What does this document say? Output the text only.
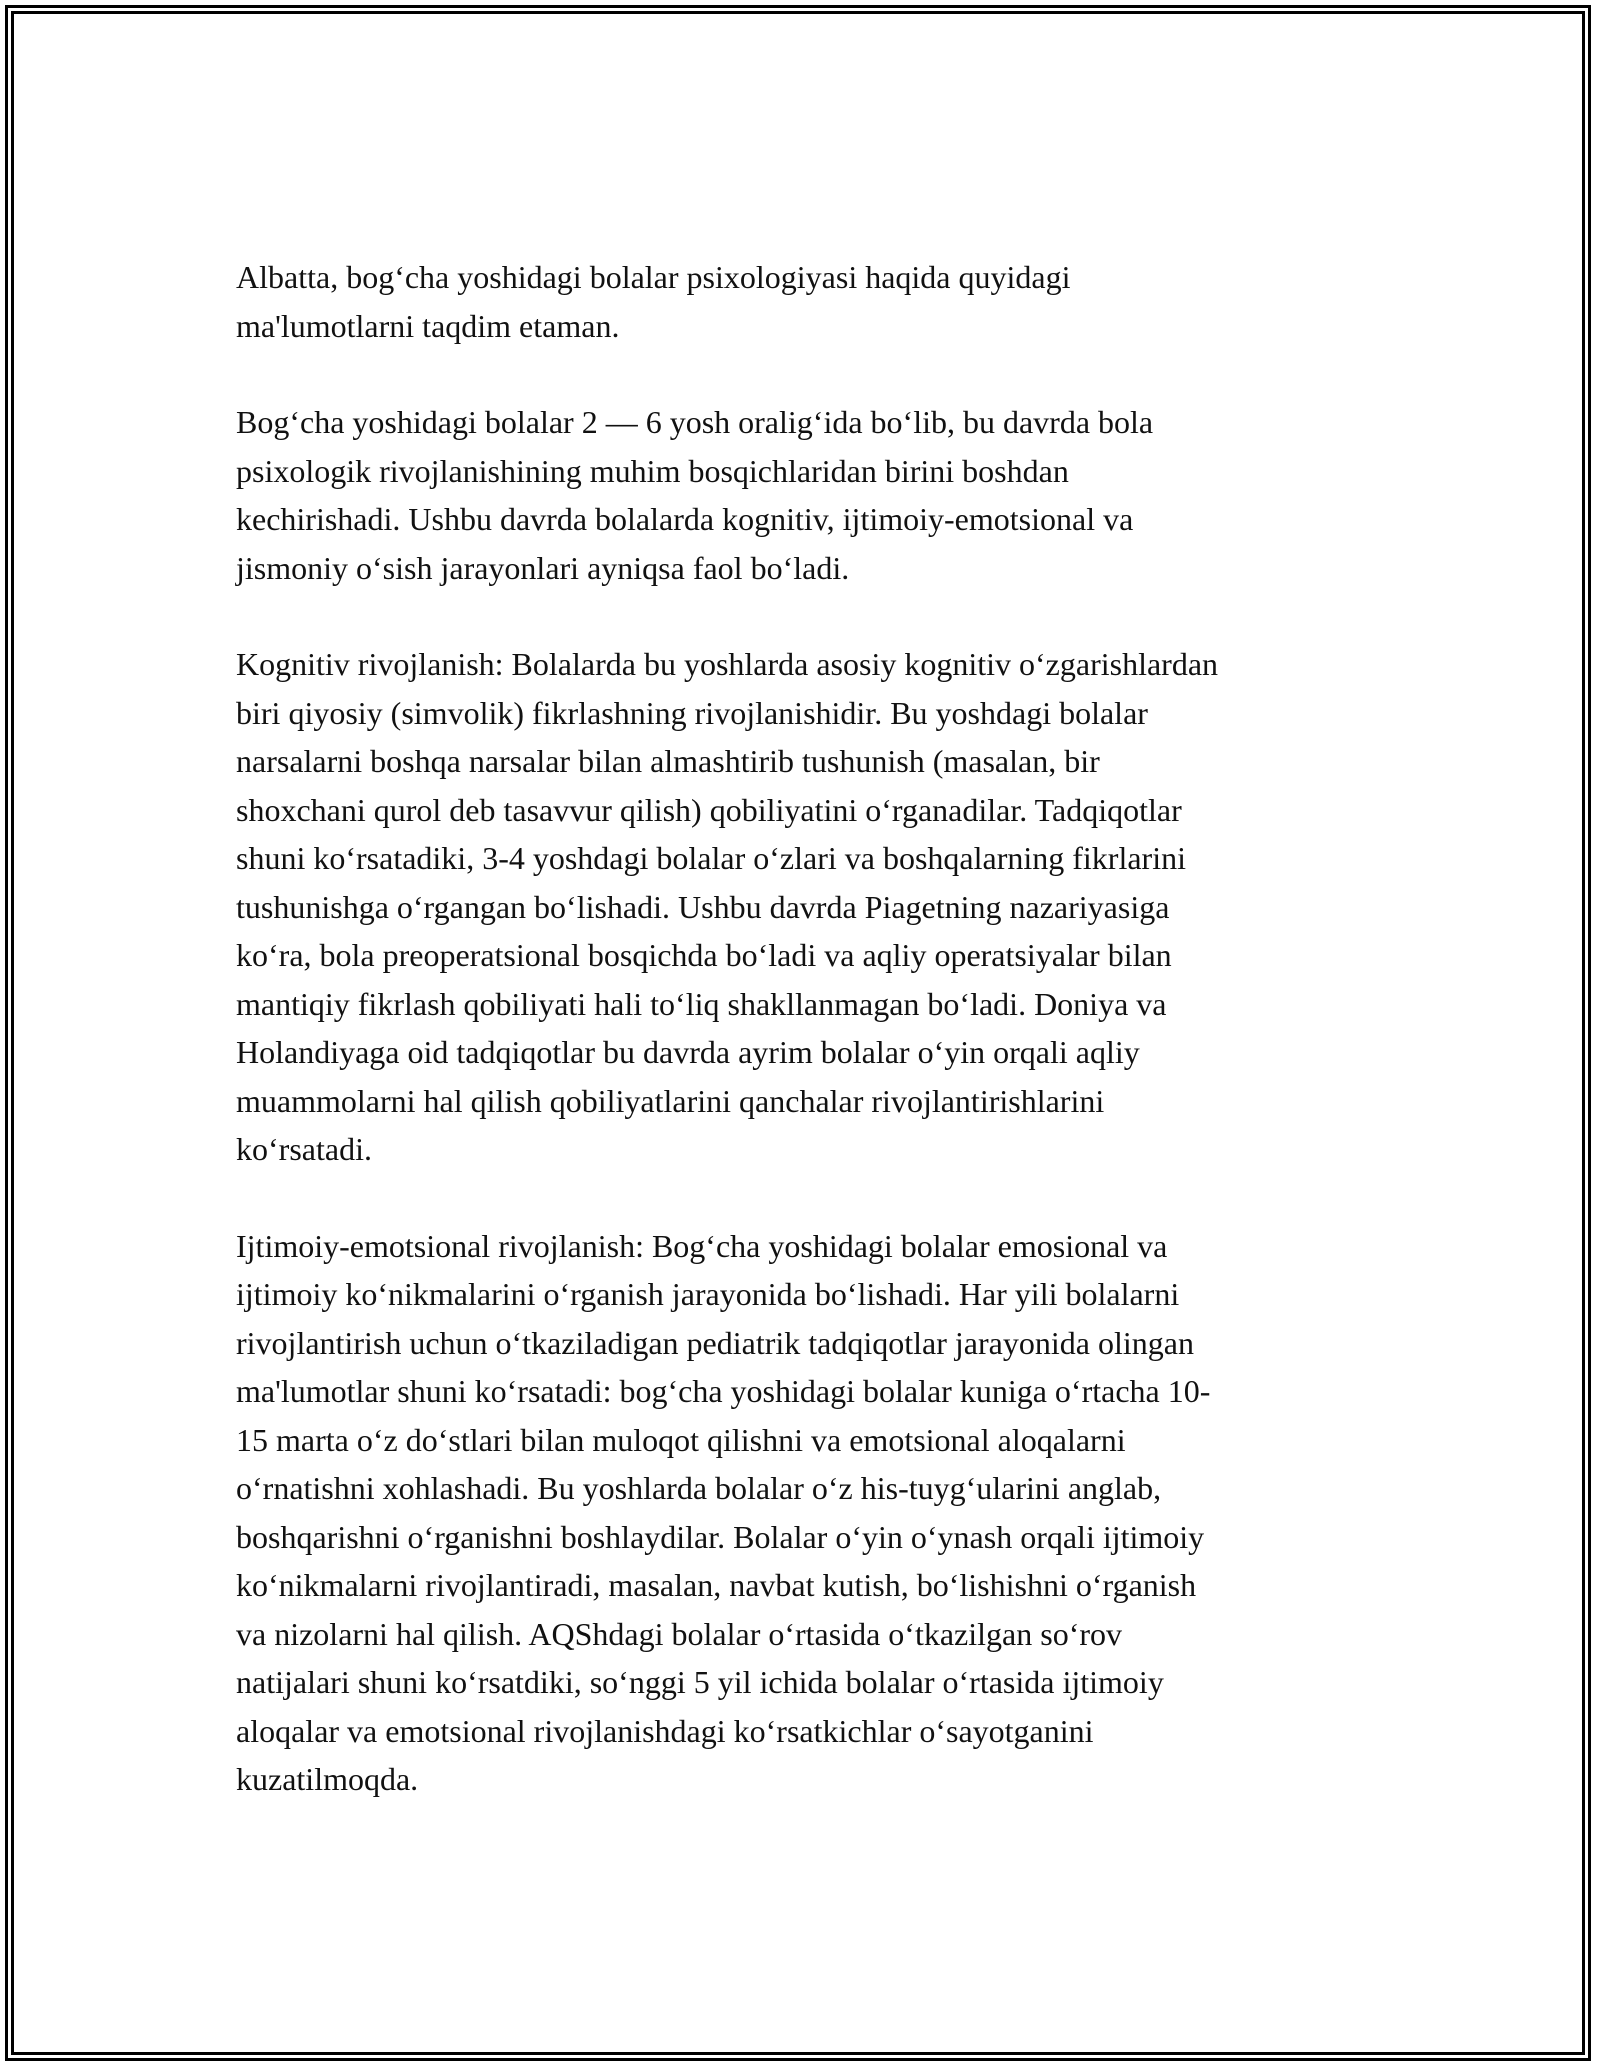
Albatta, bog‘cha yoshidagi bolalar psixologiyasi haqida quyidagi
ma'lumotlarni taqdim etaman.

Bog‘cha yoshidagi bolalar 2 — 6 yosh oralig‘ida bo‘lib, bu davrda bola
psixologik rivojlanishining muhim bosqichlaridan birini boshdan
kechirishadi. Ushbu davrda bolalarda kognitiv, ijtimoiy-emotsional va
jismoniy o‘sish jarayonlari ayniqsa faol bo‘ladi.

Kognitiv rivojlanish: Bolalarda bu yoshlarda asosiy kognitiv o‘zgarishlardan
biri qiyosiy (simvolik) fikrlashning rivojlanishidir. Bu yoshdagi bolalar
narsalarni boshqa narsalar bilan almashtirib tushunish (masalan, bir
shoxchani qurol deb tasavvur qilish) qobiliyatini o‘rganadilar. Tadqiqotlar
shuni ko‘rsatadiki, 3-4 yoshdagi bolalar o‘zlari va boshqalarning fikrlarini
tushunishga o‘rgangan bo‘lishadi. Ushbu davrda Piagetning nazariyasiga
ko‘ra, bola preoperatsional bosqichda bo‘ladi va aqliy operatsiyalar bilan
mantiqiy fikrlash qobiliyati hali to‘liq shakllanmagan bo‘ladi. Doniya va
Holandiyaga oid tadqiqotlar bu davrda ayrim bolalar o‘yin orqali aqliy
muammolarni hal qilish qobiliyatlarini qanchalar rivojlantirishlarini
ko‘rsatadi.

Ijtimoiy-emotsional rivojlanish: Bog‘cha yoshidagi bolalar emosional va
ijtimoiy ko‘nikmalarini o‘rganish jarayonida bo‘lishadi. Har yili bolalarni
rivojlantirish uchun o‘tkaziladigan pediatrik tadqiqotlar jarayonida olingan
ma'lumotlar shuni ko‘rsatadi: bog‘cha yoshidagi bolalar kuniga o‘rtacha 10-
15 marta o‘z do‘stlari bilan muloqot qilishni va emotsional aloqalarni
o‘rnatishni xohlashadi. Bu yoshlarda bolalar o‘z his-tuyg‘ularini anglab,
boshqarishni o‘rganishni boshlaydilar. Bolalar o‘yin o‘ynash orqali ijtimoiy
ko‘nikmalarni rivojlantiradi, masalan, navbat kutish, bo‘lishishni o‘rganish
va nizolarni hal qilish. AQShdagi bolalar o‘rtasida o‘tkazilgan so‘rov
natijalari shuni ko‘rsatdiki, so‘nggi 5 yil ichida bolalar o‘rtasida ijtimoiy
aloqalar va emotsional rivojlanishdagi ko‘rsatkichlar o‘sayotganini
kuzatilmoqda.
